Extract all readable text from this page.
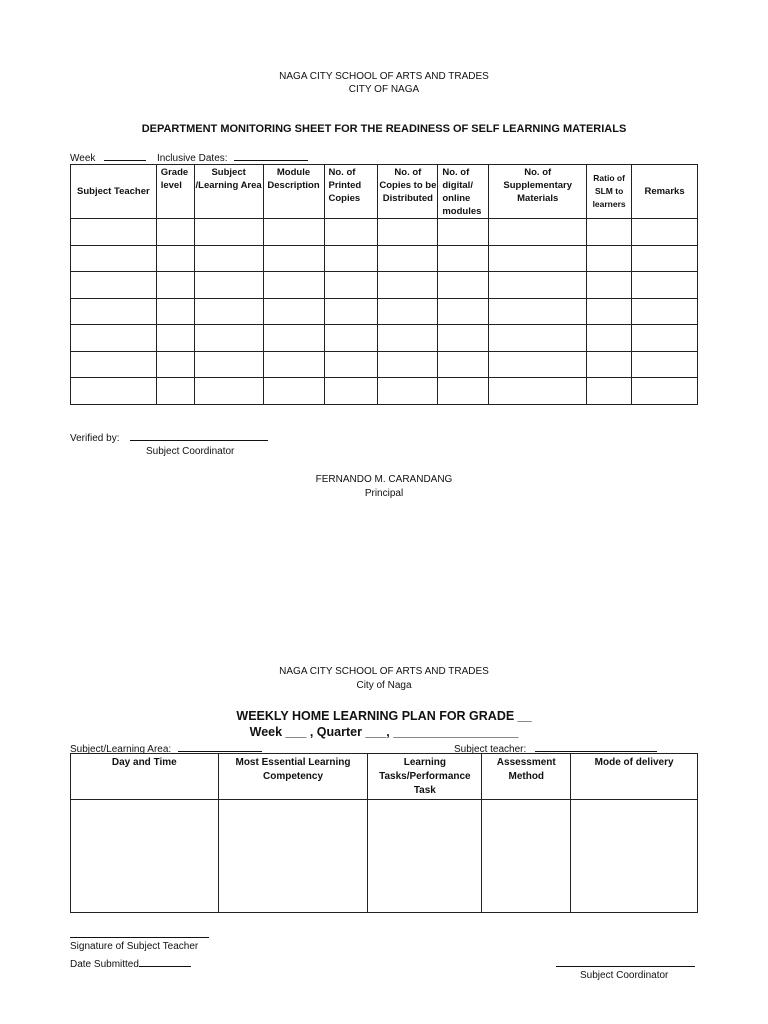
NAGA CITY SCHOOL OF ARTS AND TRADES
CITY OF NAGA
DEPARTMENT MONITORING SHEET FOR THE READINESS OF SELF LEARNING MATERIALS
Week	Inclusive Dates:
Subject Teacher	Grade level	Subject /Learning Area	Module Description	No. of Printed Copies	No. of Copies to be Distributed	No. of digital/ online modules	No. of Supplementary Materials	Ratio of SLM to learners	Remarks

Verified by:
Subject Coordinator
FERNANDO M. CARANDANG
Principal
NAGA CITY SCHOOL OF ARTS AND TRADES
City of Naga
WEEKLY HOME LEARNING PLAN FOR GRADE __
Week ___ , Quarter ___, __________________
Subject/Learning Area:	Subject teacher:
Day and Time	Most Essential Learning Competency	Learning Tasks/Performance Task	Assessment Method	Mode of delivery

Signature of Subject Teacher
Date Submitted
Subject Coordinator
